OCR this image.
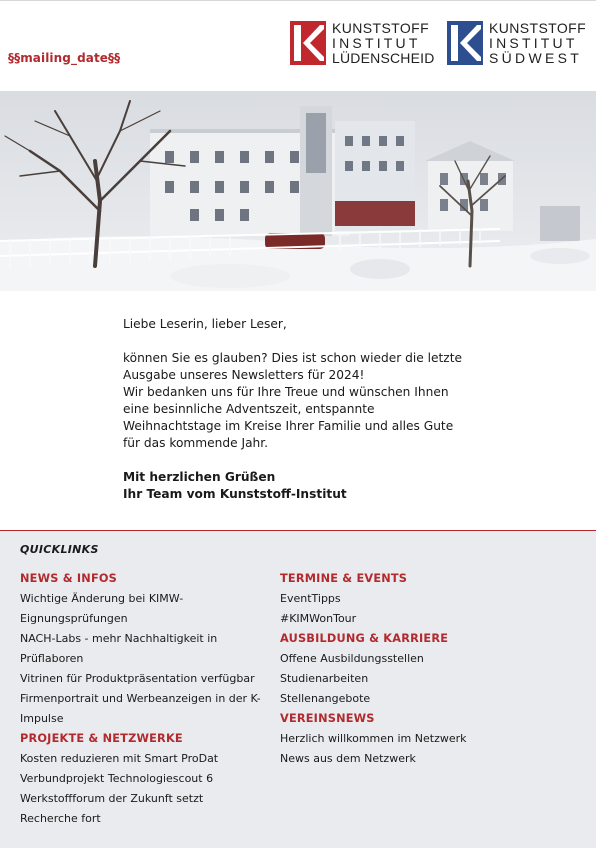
§§mailing_date§§
KUNSTSTOFF
INSTITUT
LÜDENSCHEID
KUNSTSTOFF
INSTITUT
SÜDWEST

Liebe Leserin, lieber Leser,

können Sie es glauben? Dies ist schon wieder die letzte

Ausgabe unseres Newsletters für 2024!

Wir bedanken uns für Ihre Treue und wünschen Ihnen

eine besinnliche Adventszeit, entspannte

Weihnachtstage im Kreise Ihrer Familie und alles Gute

für das kommende Jahr.

Mit herzlichen Grüßen

Ihr Team vom Kunststoff-Institut

QUICKLINKS
NEWS & INFOS
Wichtige Änderung bei KIMW-
Eignungsprüfungen
NACH-Labs - mehr Nachhaltigkeit in
Prüflaboren
Vitrinen für Produktpräsentation verfügbar
Firmenportrait und Werbeanzeigen in der K-
Impulse
PROJEKTE & NETZWERKE
Kosten reduzieren mit Smart ProDat
Verbundprojekt Technologiescout 6
Werkstoffforum der Zukunft setzt
Recherche fort
TERMINE & EVENTS
EventTipps
#KIMWonTour
AUSBILDUNG & KARRIERE
Offene Ausbildungsstellen
Studienarbeiten
Stellenangebote
VEREINSNEWS
Herzlich willkommen im Netzwerk
News aus dem Netzwerk
